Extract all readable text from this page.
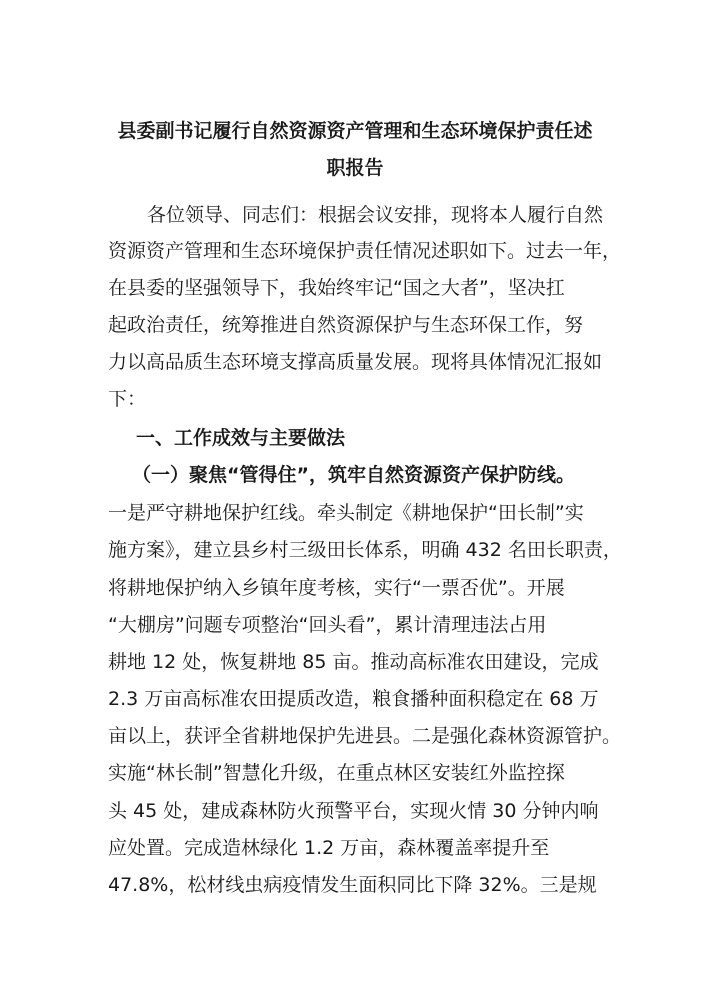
县委副书记履行自然资源资产管理和生态环境保护责任述
职报告
各位领导、同志们：根据会议安排，现将本人履行自然
资源资产管理和生态环境保护责任情况述职如下。过去一年，
在县委的坚强领导下，我始终牢记“国之大者”，坚决扛
起政治责任，统筹推进自然资源保护与生态环保工作，努
力以高品质生态环境支撑高质量发展。现将具体情况汇报如
下：
一、工作成效与主要做法
（一）聚焦“管得住”，筑牢自然资源资产保护防线。
一是严守耕地保护红线。牵头制定《耕地保护“田长制”实
施方案》，建立县乡村三级田长体系，明确 432 名田长职责，
将耕地保护纳入乡镇年度考核，实行“一票否优”。开展
“大棚房”问题专项整治“回头看”，累计清理违法占用
耕地 12 处，恢复耕地 85 亩。推动高标准农田建设，完成
2.3 万亩高标准农田提质改造，粮食播种面积稳定在 68 万
亩以上，获评全省耕地保护先进县。二是强化森林资源管护。
实施“林长制”智慧化升级，在重点林区安装红外监控探
头 45 处，建成森林防火预警平台，实现火情 30 分钟内响
应处置。完成造林绿化 1.2 万亩，森林覆盖率提升至
47.8%，松材线虫病疫情发生面积同比下降 32%。三是规
